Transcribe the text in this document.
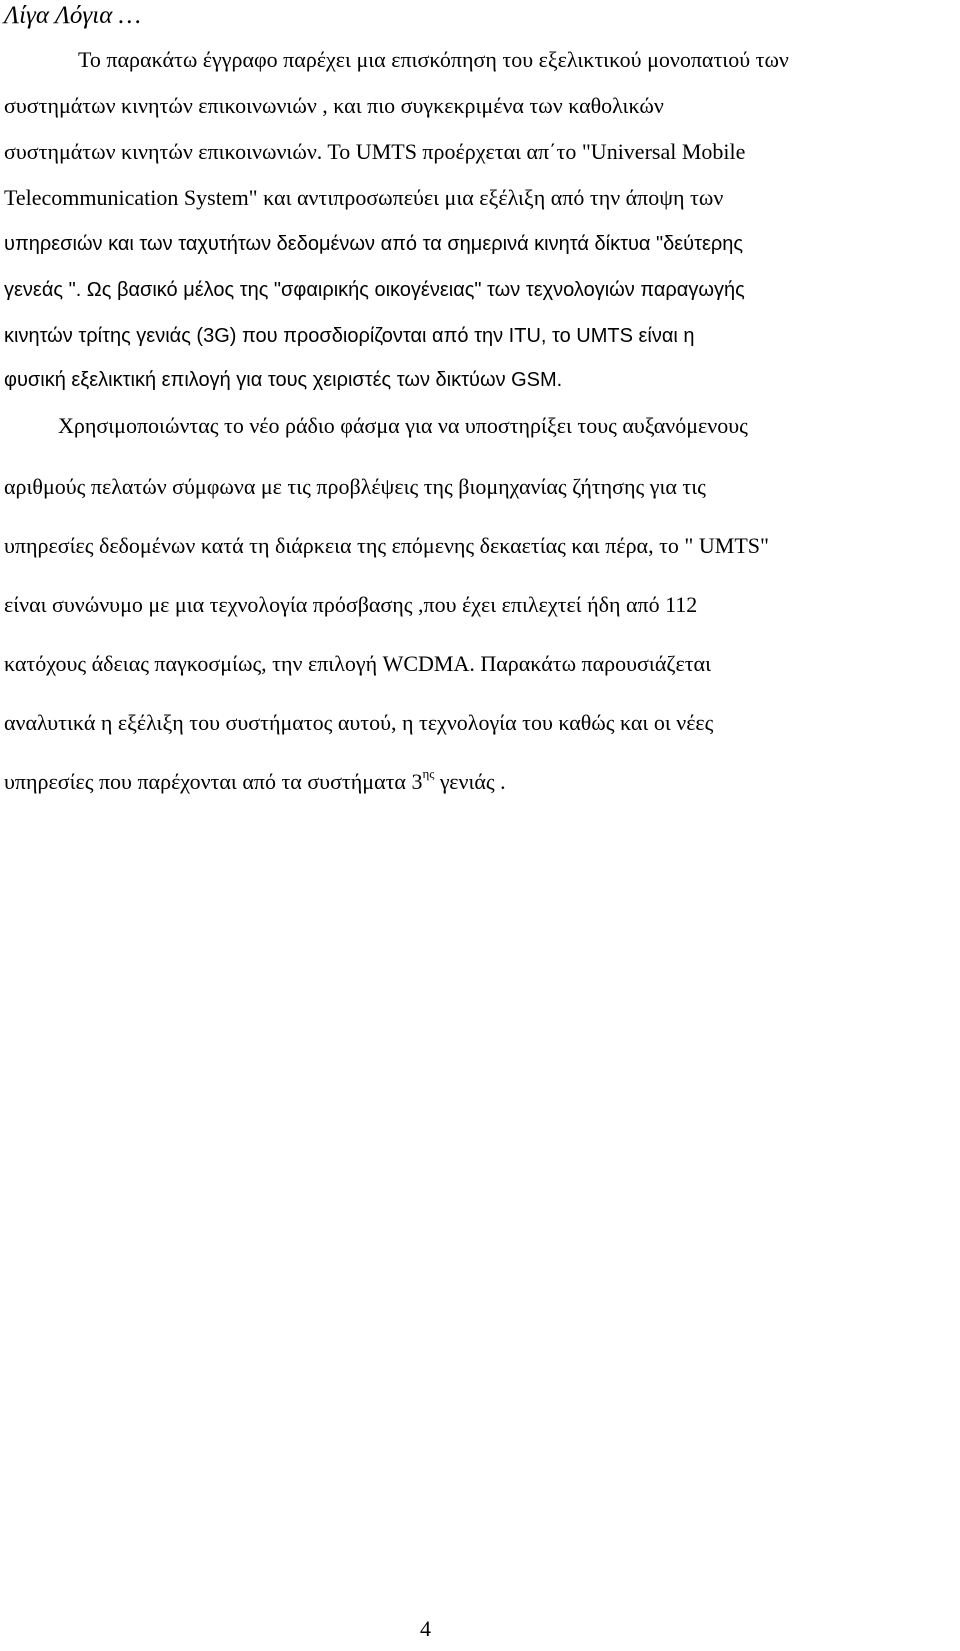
Λίγα Λόγια …
Το παρακάτω έγγραφο παρέχει μια επισκόπηση του εξελικτικού μονοπατιού των
συστημάτων κινητών επικοινωνιών , και πιο συγκεκριμένα των καθολικών
συστημάτων κινητών επικοινωνιών. Το UMTS προέρχεται απ΄το "Universal Mobile
Telecommunication System" και αντιπροσωπεύει μια εξέλιξη από την άποψη των
υπηρεσιών και των ταχυτήτων δεδομένων από τα σημερινά κινητά δίκτυα "δεύτερης
γενεάς ". Ως βασικό μέλος της "σφαιρικής οικογένειας" των τεχνολογιών παραγωγής
κινητών τρίτης γενιάς (3G) που προσδιορίζονται από την ITU, το UMTS είναι η
φυσική εξελικτική επιλογή για τους χειριστές των δικτύων GSM.
Χρησιμοποιώντας το νέο ράδιο φάσμα για να υποστηρίξει τους αυξανόμενους
αριθμούς πελατών σύμφωνα με τις προβλέψεις της βιομηχανίας ζήτησης για τις
υπηρεσίες δεδομένων κατά τη διάρκεια της επόμενης δεκαετίας και πέρα, το " UMTS"
είναι συνώνυμο με μια τεχνολογία πρόσβασης ,που έχει επιλεχτεί ήδη από 112
κατόχους άδειας παγκοσμίως, την επιλογή WCDMA. Παρακάτω παρουσιάζεται
αναλυτικά η εξέλιξη του συστήματος αυτού, η τεχνολογία του καθώς και οι νέες
υπηρεσίες που παρέχονται από τα συστήματα $3^{\eta\varsigma}$ γενιάς .
4
